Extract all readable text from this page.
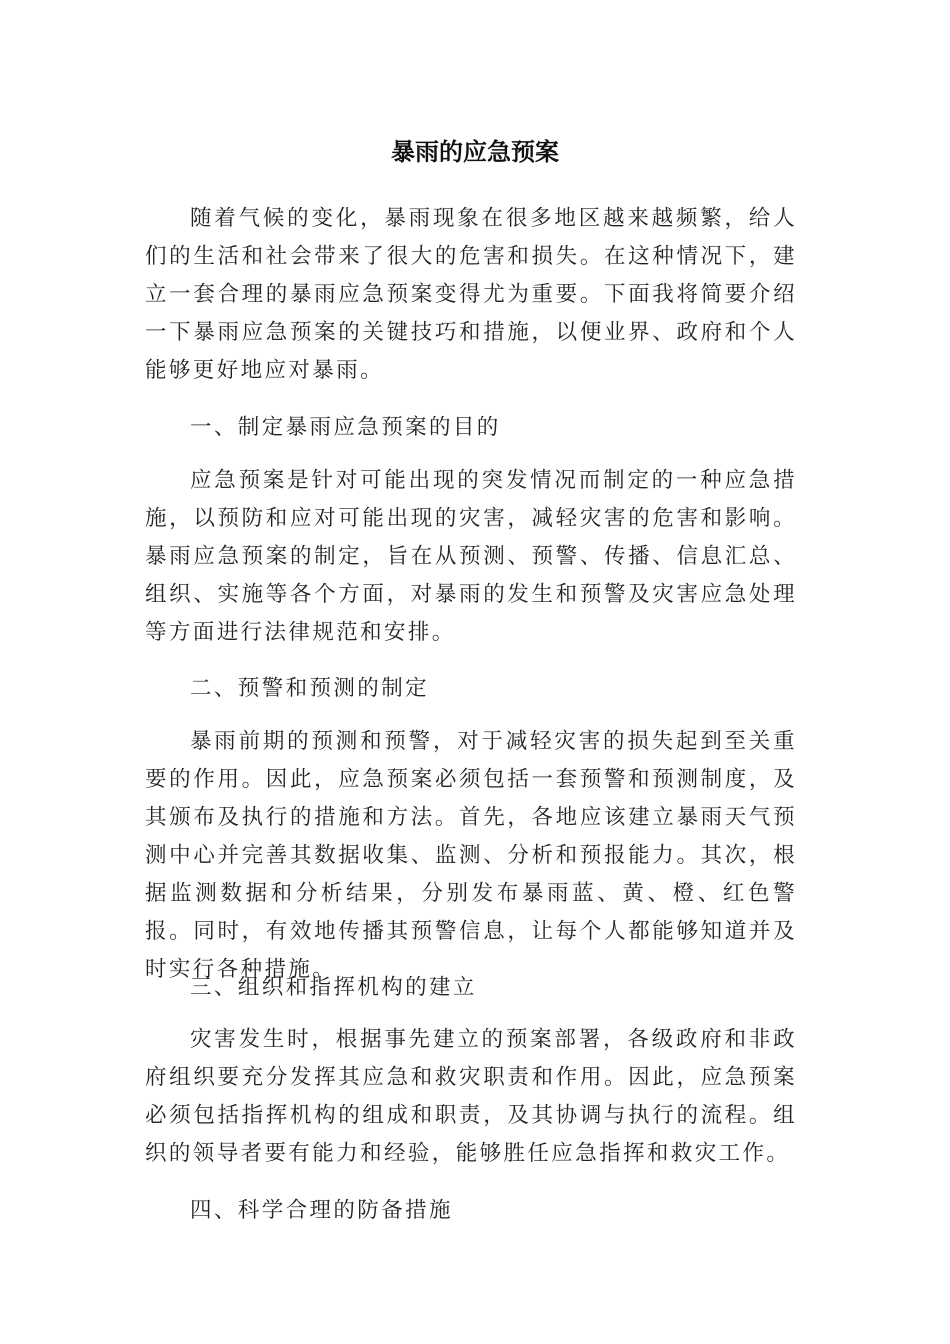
暴雨的应急预案

随着气候的变化，暴雨现象在很多地区越来越频繁，给人们的生活和社会带来了很大的危害和损失。在这种情况下，建立一套合理的暴雨应急预案变得尤为重要。下面我将简要介绍一下暴雨应急预案的关键技巧和措施，以便业界、政府和个人能够更好地应对暴雨。

一、制定暴雨应急预案的目的

应急预案是针对可能出现的突发情况而制定的一种应急措施，以预防和应对可能出现的灾害，减轻灾害的危害和影响。暴雨应急预案的制定，旨在从预测、预警、传播、信息汇总、组织、实施等各个方面，对暴雨的发生和预警及灾害应急处理等方面进行法律规范和安排。

二、预警和预测的制定

暴雨前期的预测和预警，对于减轻灾害的损失起到至关重要的作用。因此，应急预案必须包括一套预警和预测制度，及其颁布及执行的措施和方法。首先，各地应该建立暴雨天气预测中心并完善其数据收集、监测、分析和预报能力。其次，根据监测数据和分析结果，分别发布暴雨蓝、黄、橙、红色警报。同时，有效地传播其预警信息，让每个人都能够知道并及时实行各种措施。

三、组织和指挥机构的建立

灾害发生时，根据事先建立的预案部署，各级政府和非政府组织要充分发挥其应急和救灾职责和作用。因此，应急预案必须包括指挥机构的组成和职责，及其协调与执行的流程。组织的领导者要有能力和经验，能够胜任应急指挥和救灾工作。

四、科学合理的防备措施
